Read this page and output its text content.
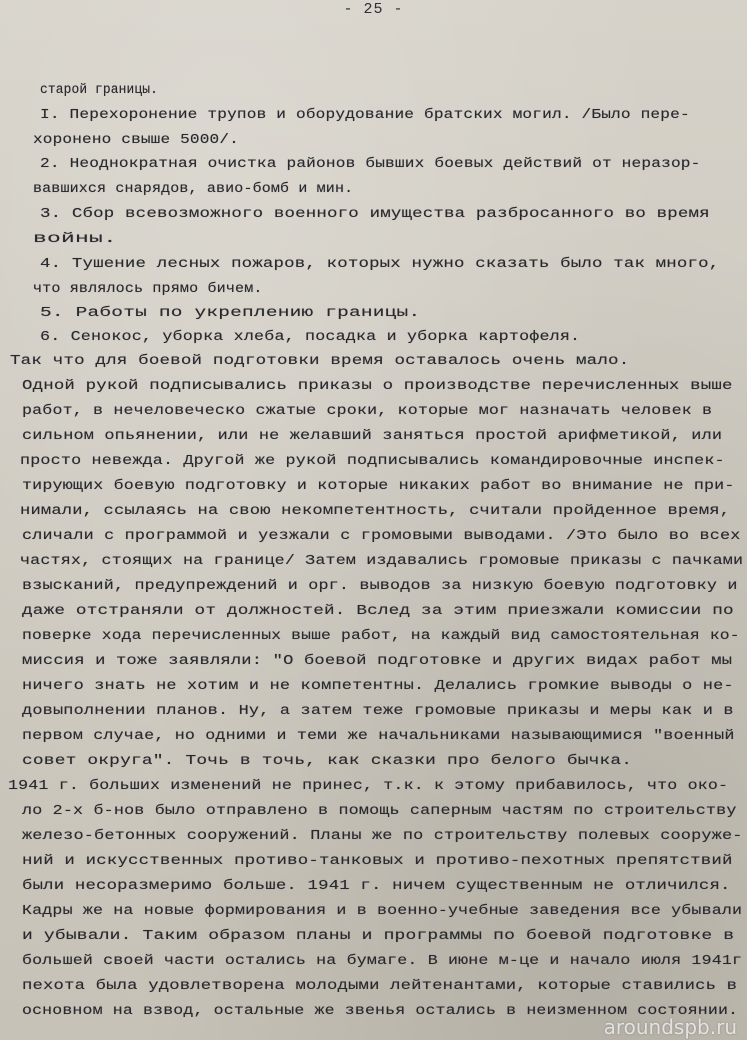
- 25 -
старой границы.
I. Перехоронение трупов и оборудование братских могил. /Было пере-
хоронено свыше 5000/.
2. Неоднократная очистка районов бывших боевых действий от неразор-
вавшихся снарядов, авио-бомб и мин.
3. Сбор всевозможного военного имущества разбросанного во время
войны.
4. Тушение лесных пожаров, которых нужно сказать было так много,
что являлось прямо бичем.
5. Работы по укреплению границы.
6. Сенокос, уборка хлеба, посадка и уборка картофеля.
Так что для боевой подготовки время оставалось очень мало.
Одной рукой подписывались приказы о производстве перечисленных выше
работ, в нечеловеческо сжатые сроки, которые мог назначать человек в
сильном опьянении, или не желавший заняться простой арифметикой, или
просто невежда. Другой же рукой подписывались командировочные инспек-
тирующих боевую подготовку и которые никаких работ во внимание не при-
нимали, ссылаясь на свою некомпетентность, считали пройденное время,
сличали с программой и уезжали с громовыми выводами. /Это было во всех
частях, стоящих на границе/ Затем издавались громовые приказы с пачками
взысканий, предупреждений и орг. выводов за низкую боевую подготовку и
даже отстраняли от должностей. Вслед за этим приезжали комиссии по
поверке хода перечисленных выше работ, на каждый вид самостоятельная ко-
миссия и тоже заявляли: "О боевой подготовке и других видах работ мы
ничего знать не хотим и не компетентны. Делались громкие выводы о не-
довыполнении планов. Ну, а затем теже громовые приказы и меры как и в
первом случае, но одними и теми же начальниками называющимися "военный
совет округа". Точь в точь, как сказки про белого бычка.
1941 г. больших изменений не принес, т.к. к этому прибавилось, что око-
ло 2-х б-нов было отправлено в помощь саперным частям по строительству
железо-бетонных сооружений. Планы же по строительству полевых сооруже-
ний и искусственных противо-танковых и противо-пехотных препятствий
были несоразмеримо больше. 1941 г. ничем существенным не отличился.
Кадры же на новые формирования и в военно-учебные заведения все убывали
и убывали. Таким образом планы и программы по боевой подготовке в
большей своей части остались на бумаге. В июне м-це и начало июля 1941г
пехота была удовлетворена молодыми лейтенантами, которые ставились в
основном на взвод, остальные же звенья остались в неизменном состоянии.
aroundspb.ru
